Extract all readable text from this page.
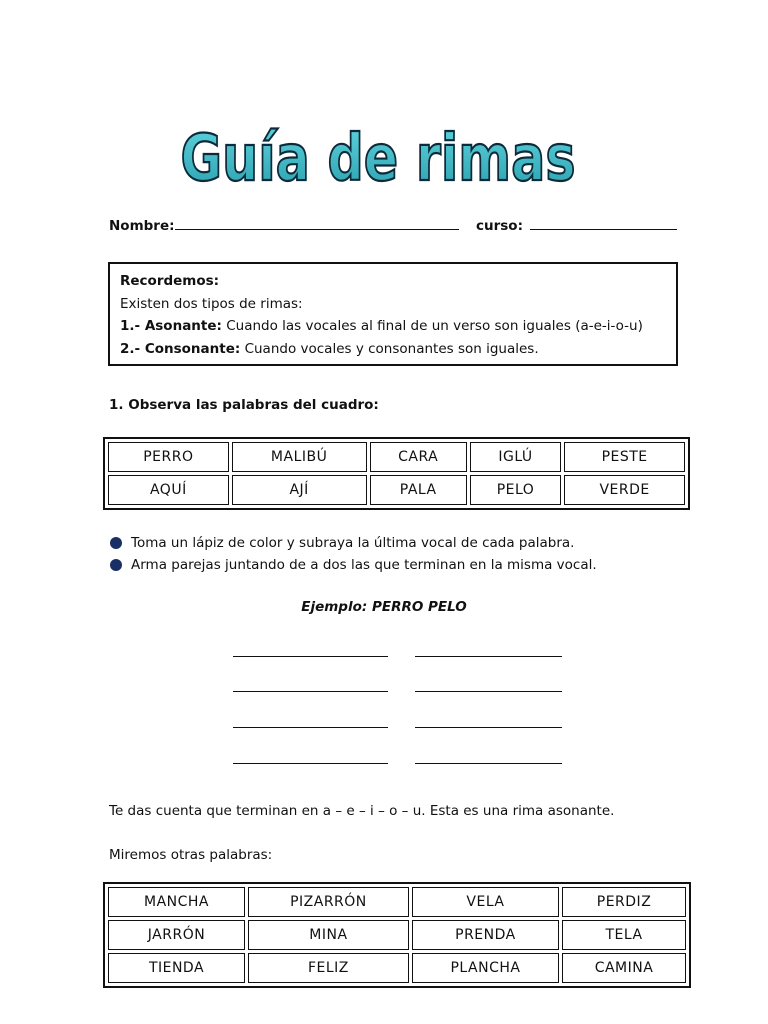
Guía de rimas
Nombre:	curso:
Recordemos:
Existen dos tipos de rimas:
1.- Asonante: Cuando las vocales al final de un verso son iguales (a-e-i-o-u)
2.- Consonante: Cuando vocales y consonantes son iguales.
1. Observa las palabras del cuadro:
PERRO	MALIBÚ	CARA	IGLÚ	PESTE
AQUÍ	AJÍ	PALA	PELO	VERDE
Toma un lápiz de color y subraya la última vocal de cada palabra.
Arma parejas juntando de a dos las que terminan en la misma vocal.
Ejemplo: PERRO PELO
Te das cuenta que terminan en a – e – i – o – u. Esta es una rima asonante.
Miremos otras palabras:
MANCHA	PIZARRÓN	VELA	PERDIZ
JARRÓN	MINA	PRENDA	TELA
TIENDA	FELIZ	PLANCHA	CAMINA
